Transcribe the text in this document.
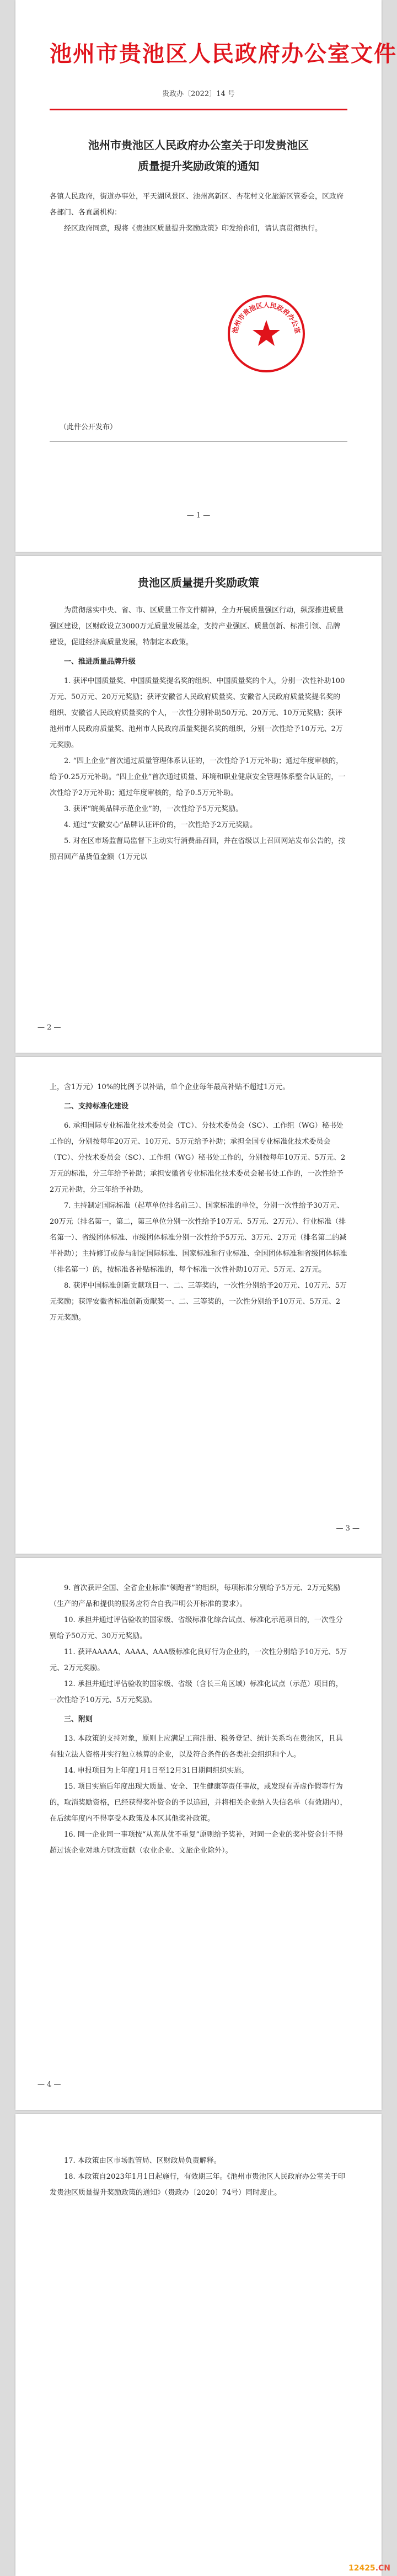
池州市贵池区人民政府办公室文件
贵政办〔2022〕14 号
池州市贵池区人民政府办公室关于印发贵池区
质量提升奖励政策的通知

各镇人民政府，街道办事处，平天湖风景区、池州高新区、杏花村文化旅游区管委会，区政府各部门、各直属机构：

经区政府同意，现将《贵池区质量提升奖励政策》印发给你们，请认真贯彻执行。

池州市贵池区人民政府办公室

（此件公开发布）

— 1 —
贵池区质量提升奖励政策

为贯彻落实中央、省、市、区质量工作文件精神，全力开展质量强区行动，纵深推进质量强区建设，区财政设立3000万元质量发展基金，支持产业强区、质量创新、标准引领、品牌建设，促进经济高质量发展，特制定本政策。

一、推进质量品牌升级

1. 获评中国质量奖、中国质量奖提名奖的组织、中国质量奖的个人，分别一次性补助100万元、50万元、20万元奖励；获评安徽省人民政府质量奖、安徽省人民政府质量奖提名奖的组织、安徽省人民政府质量奖的个人，一次性分别补助50万元、20万元、10万元奖励；获评池州市人民政府质量奖、池州市人民政府质量奖提名奖的组织，分别一次性给予10万元、2万元奖励。

2. “四上企业”首次通过质量管理体系认证的，一次性给予1万元补助；通过年度审核的，给予0.25万元补助。“四上企业”首次通过质量、环境和职业健康安全管理体系整合认证的，一次性给予2万元补助；通过年度审核的，给予0.5万元补助。

3. 获评“皖美品牌示范企业”的，一次性给予5万元奖励。

4. 通过“安徽安心”品牌认证评价的，一次性给予2万元奖励。

5. 对在区市场监督局监督下主动实行消费品召回，并在省级以上召回网站发布公告的，按照召回产品货值金额（1万元以

— 2 —

上，含1万元）10%的比例予以补贴，单个企业每年最高补贴不超过1万元。

二、支持标准化建设

6. 承担国际专业标准化技术委员会（TC）、分技术委员会（SC）、工作组（WG）秘书处工作的，分别按每年20万元、10万元、5万元给予补助；承担全国专业标准化技术委员会（TC）、分技术委员会（SC）、工作组（WG）秘书处工作的，分别按每年10万元、5万元、2万元的标准，分三年给予补助；承担安徽省专业标准化技术委员会秘书处工作的，一次性给予2万元补助，分三年给予补助。

7. 主持制定国际标准（起草单位排名前三）、国家标准的单位，分别一次性给予30万元、20万元（排名第一，第二，第三单位分别一次性给予10万元、5万元、2万元）、行业标准（排名第一）、省级团体标准、市级团体标准分别一次性给予5万元、3万元、2万元（排名第二的减半补助）；主持修订或参与制定国际标准、国家标准和行业标准、全国团体标准和省级团体标准（排名第一）的，按标准各补贴标准的，每个标准一次性补助10万元、5万元、2万元。

8. 获评中国标准创新贡献项目一、二、三等奖的，一次性分别给予20万元、10万元、5万元奖励；获评安徽省标准创新贡献奖一、二、三等奖的，一次性分别给予10万元、5万元、2万元奖励。

— 3 —

9. 首次获评全国、全省企业标准“领跑者”的组织，每项标准分别给予5万元、2万元奖励（生产的产品和提供的服务应符合自我声明公开标准的要求）。

10. 承担并通过评估验收的国家级、省级标准化综合试点、标准化示范项目的，一次性分别给予50万元、30万元奖励。

11. 获评AAAAA、AAAA、AAA级标准化良好行为企业的，一次性分别给予10万元、5万元、2万元奖励。

12. 承担并通过评估验收的国家级、省级（含长三角区域）标准化试点（示范）项目的，一次性给予10万元、5万元奖励。

三、附则

13. 本政策的支持对象，原则上应满足工商注册、税务登记、统计关系均在贵池区，且具有独立法人资格并实行独立核算的企业，以及符合条件的各类社会组织和个人。

14. 申报项目为上年度1月1日至12月31日期间组织实施。

15. 项目实施后年度出现大质量、安全、卫生健康等责任事故，或发现有弄虚作假等行为的，取消奖励资格，已经获得奖补资金的予以追回，并将相关企业纳入失信名单（有效期内），在后续年度内不得享受本政策及本区其他奖补政策。

16. 同一企业同一事项按“从高从优不重复”原则给予奖补，对同一企业的奖补资金计不得超过该企业对地方财政贡献（农业企业、文旅企业除外）。

— 4 —

17. 本政策由区市场监管局、区财政局负责解释。

18. 本政策自2023年1月1日起施行，有效期三年。《池州市贵池区人民政府办公室关于印发贵池区质量提升奖励政策的通知》（贵政办〔2020〕74号）同时废止。

12425.CN
